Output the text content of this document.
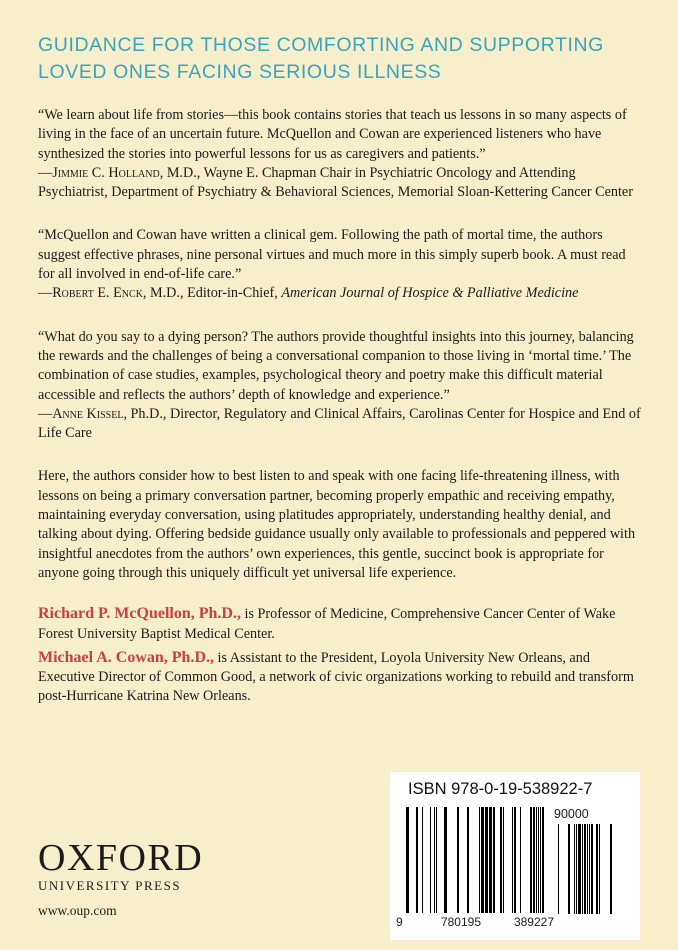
GUIDANCE FOR THOSE COMFORTING AND SUPPORTING LOVED ONES FACING SERIOUS ILLNESS

“We learn about life from stories—this book contains stories that teach us lessons in so many aspects of living in the face of an uncertain future. McQuellon and Cowan are experienced listeners who have synthesized the stories into powerful lessons for us as caregivers and patients.”

—Jimmie C. Holland, M.D., Wayne E. Chapman Chair in Psychiatric Oncology and Attending Psychiatrist, Department of Psychiatry & Behavioral Sciences, Memorial Sloan-Kettering Cancer Center

“McQuellon and Cowan have written a clinical gem. Following the path of mortal time, the authors suggest effective phrases, nine personal virtues and much more in this simply superb book. A must read for all involved in end-of-life care.”

—Robert E. Enck, M.D., Editor-in-Chief, American Journal of Hospice & Palliative Medicine

“What do you say to a dying person? The authors provide thoughtful insights into this journey, balancing the rewards and the challenges of being a conversational companion to those living in ‘mortal time.’ The combination of case studies, examples, psychological theory and poetry make this difficult material accessible and reflects the authors’ depth of knowledge and experience.”

—Anne Kissel, Ph.D., Director, Regulatory and Clinical Affairs, Carolinas Center for Hospice and End of Life Care

Here, the authors consider how to best listen to and speak with one facing life-threatening illness, with lessons on being a primary conversation partner, becoming properly empathic and receiving empathy, maintaining everyday conversation, using platitudes appropriately, understanding healthy denial, and talking about dying. Offering bedside guidance usually only available to professionals and peppered with insightful anecdotes from the authors’ own experiences, this gentle, succinct book is appropriate for anyone going through this uniquely difficult yet universal life experience.

Richard P. McQuellon, Ph.D., is Professor of Medicine, Comprehensive Cancer Center of Wake Forest University Baptist Medical Center.

Michael A. Cowan, Ph.D., is Assistant to the President, Loyola University New Orleans, and Executive Director of Common Good, a network of civic organizations working to rebuild and transform post-Hurricane Katrina New Orleans.

ISBN 978-0-19-538922-7
90000
9	780195	389227
OXFORD
UNIVERSITY PRESS
www.oup.com
